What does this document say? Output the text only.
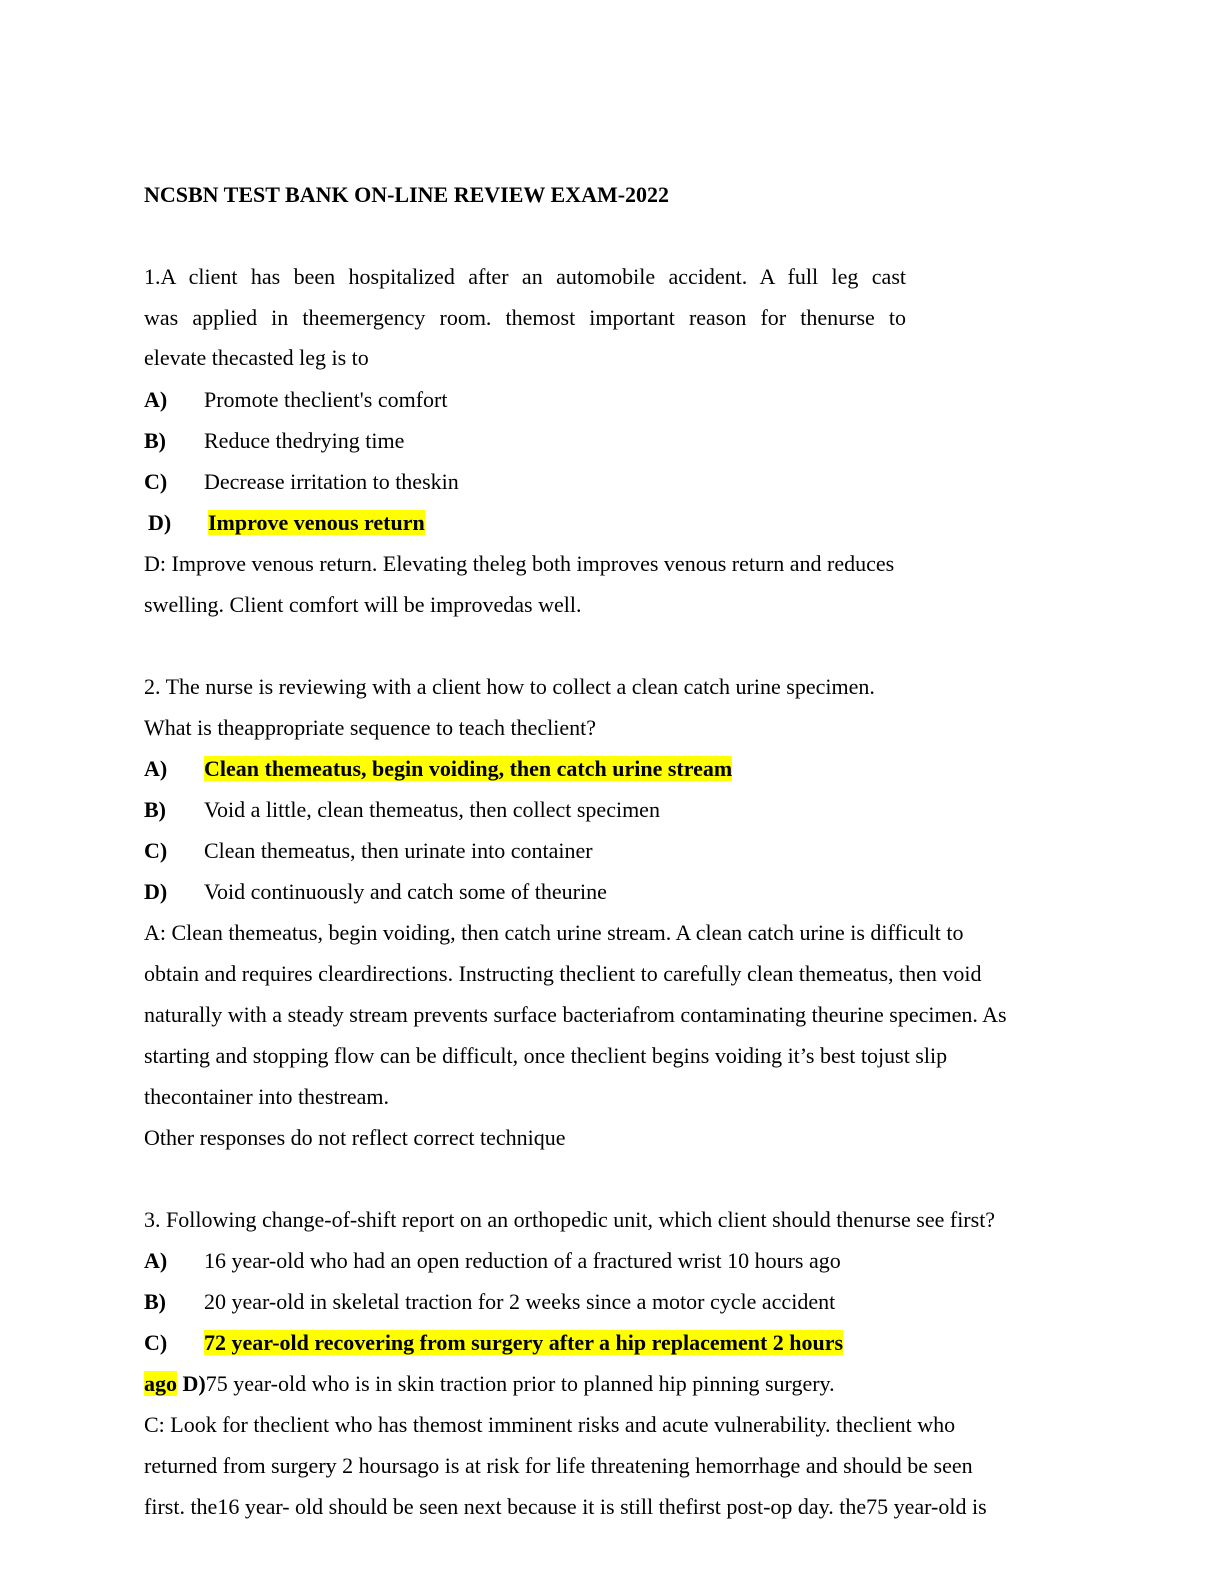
NCSBN TEST BANK ON-LINE REVIEW EXAM-2022
1.A client has been hospitalized after an automobile accident. A full leg cast
was applied in theemergency room. themost important reason for thenurse to
elevate thecasted leg is to
A) Promote theclient's comfort
B) Reduce thedrying time
C) Decrease irritation to theskin
D) Improve venous return
D: Improve venous return. Elevating theleg both improves venous return and reduces
swelling. Client comfort will be improvedas well.
2. The nurse is reviewing with a client how to collect a clean catch urine specimen.
What is theappropriate sequence to teach theclient?
A) Clean themeatus, begin voiding, then catch urine stream
B) Void a little, clean themeatus, then collect specimen
C) Clean themeatus, then urinate into container
D) Void continuously and catch some of theurine
A: Clean themeatus, begin voiding, then catch urine stream. A clean catch urine is difficult to
obtain and requires cleardirections. Instructing theclient to carefully clean themeatus, then void
naturally with a steady stream prevents surface bacteriafrom contaminating theurine specimen. As
starting and stopping flow can be difficult, once theclient begins voiding it’s best tojust slip
thecontainer into thestream.
Other responses do not reflect correct technique
3. Following change-of-shift report on an orthopedic unit, which client should thenurse see first?
A) 16 year-old who had an open reduction of a fractured wrist 10 hours ago
B) 20 year-old in skeletal traction for 2 weeks since a motor cycle accident
C) 72 year-old recovering from surgery after a hip replacement 2 hours
ago D)75 year-old who is in skin traction prior to planned hip pinning surgery.
C: Look for theclient who has themost imminent risks and acute vulnerability. theclient who
returned from surgery 2 hoursago is at risk for life threatening hemorrhage and should be seen
first. the16 year- old should be seen next because it is still thefirst post-op day. the75 year-old is
